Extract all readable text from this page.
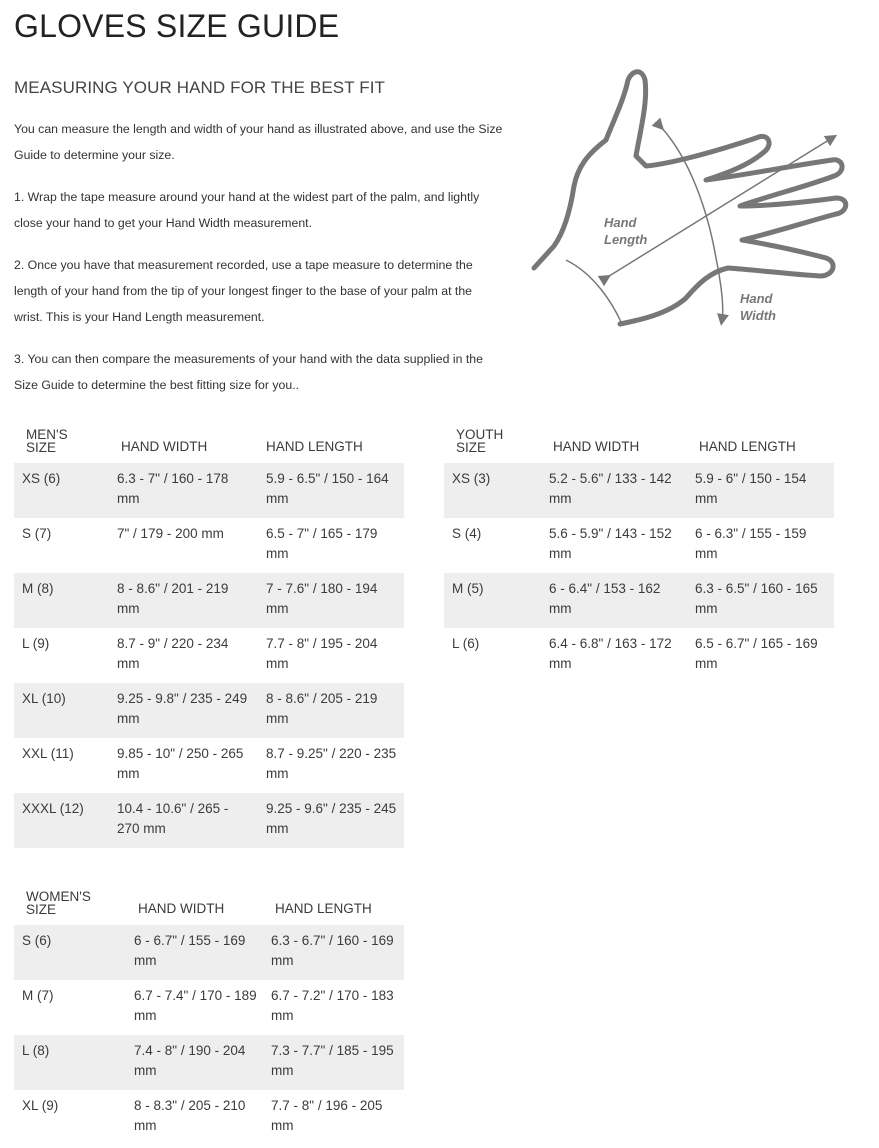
GLOVES SIZE GUIDE
MEASURING YOUR HAND FOR THE BEST FIT

You can measure the length and width of your hand as illustrated above, and use the Size Guide to determine your size.

1. Wrap the tape measure around your hand at the widest part of the palm, and lightly close your hand to get your Hand Width measurement.

2. Once you have that measurement recorded, use a tape measure to determine the length of your hand from the tip of your longest finger to the base of your palm at the wrist. This is your Hand Length measurement.

3. You can then compare the measurements of your hand with the data supplied in the Size Guide to determine the best fitting size for you..

Hand Length
Hand Width
MEN'S
SIZE	HAND WIDTH	HAND LENGTH
XS (6)	6.3 - 7" / 160 - 178 mm	5.9 - 6.5" / 150 - 164 mm
S (7)	7" / 179 - 200 mm	6.5 - 7" / 165 - 179 mm
M (8)	8 - 8.6" / 201 - 219 mm	7 - 7.6" / 180 - 194 mm
L (9)	8.7 - 9" / 220 - 234 mm	7.7 - 8" / 195 - 204 mm
XL (10)	9.25 - 9.8" / 235 - 249 mm	8 - 8.6" / 205 - 219 mm
XXL (11)	9.85 - 10" / 250 - 265 mm	8.7 - 9.25" / 220 - 235 mm
XXXL (12)	10.4 - 10.6" / 265 - 270 mm	9.25 - 9.6" / 235 - 245 mm
YOUTH
SIZE	HAND WIDTH	HAND LENGTH
XS (3)	5.2 - 5.6" / 133 - 142 mm	5.9 - 6" / 150 - 154 mm
S (4)	5.6 - 5.9" / 143 - 152 mm	6 - 6.3" / 155 - 159 mm
M (5)	6 - 6.4" / 153 - 162 mm	6.3 - 6.5" / 160 - 165 mm
L (6)	6.4 - 6.8" / 163 - 172 mm	6.5 - 6.7" / 165 - 169 mm
WOMEN'S
SIZE	HAND WIDTH	HAND LENGTH
S (6)	6 - 6.7" / 155 - 169 mm	6.3 - 6.7" / 160 - 169 mm
M (7)	6.7 - 7.4" / 170 - 189 mm	6.7 - 7.2" / 170 - 183 mm
L (8)	7.4 - 8" / 190 - 204 mm	7.3 - 7.7" / 185 - 195 mm
XL (9)	8 - 8.3" / 205 - 210 mm	7.7 - 8" / 196 - 205 mm
